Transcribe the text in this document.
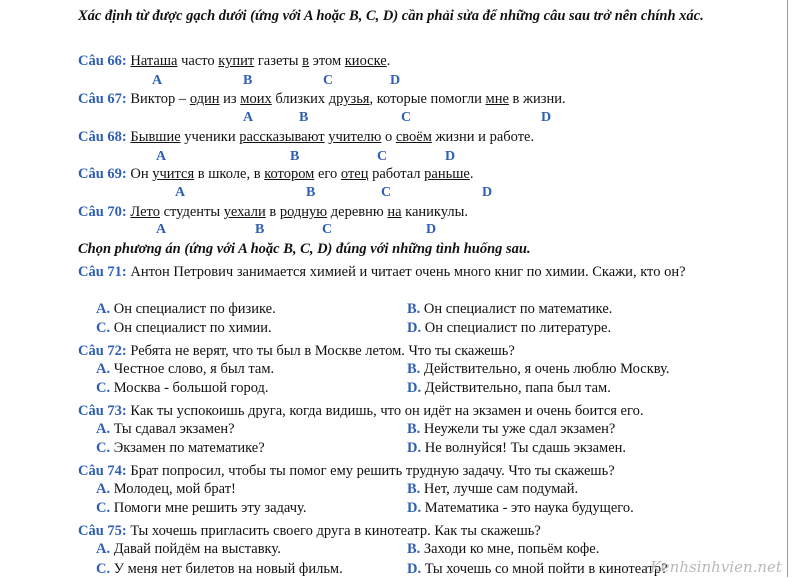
Xác định từ được gạch dưới (ứng với A hoặc B, C, D) cần phải sửa để những câu sau trở nên chính xác.
Câu 66: Наташа часто купит газеты в этом киоске.
A	B	C	D
Câu 67: Виктор – один из моих близких друзья, которые помогли мне в жизни.
A	B	C	D
Câu 68: Бывшие ученики рассказывают учителю о своём жизни и работе.
A	B	C	D
Câu 69: Он учится в школе, в котором его отец работал раньше.
A	B	C	D
Câu 70: Лето студенты уехали в родную деревню на каникулы.
A	B	C	D
Chọn phương án (ứng với A hoặc B, C, D) đúng với những tình huống sau.
Câu 71: Антон Петрович занимается химией и читает очень много книг по химии. Скажи, кто он?
A. Он специалист по физике.	B. Он специалист по математике.
C. Он специалист по химии.	D. Он специалист по литературе.
Câu 72: Ребята не верят, что ты был в Москве летом. Что ты скажешь?
A. Честное слово, я был там.	B. Действительно, я очень люблю Москву.
C. Москва - большой город.	D. Действительно, папа был там.
Câu 73: Как ты успокоишь друга, когда видишь, что он идёт на экзамен и очень боится его.
A. Ты сдавал экзамен?	B. Неужели ты уже сдал экзамен?
C. Экзамен по математике?	D. Не волнуйся! Ты сдашь экзамен.
Câu 74: Брат попросил, чтобы ты помог ему решить трудную задачу. Что ты скажешь?
A. Молодец, мой брат!	B. Нет, лучше сам подумай.
C. Помоги мне решить эту задачу.	D. Математика - это наука будущего.
Câu 75: Ты хочешь пригласить своего друга в кинотеатр. Как ты скажешь?
A. Давай пойдём на выставку.	B. Заходи ко мне, попьём кофе.
C. У меня нет билетов на новый фильм.	D. Ты хочешь со мной пойти в кинотеатр?
Kenhsinhvien.net
